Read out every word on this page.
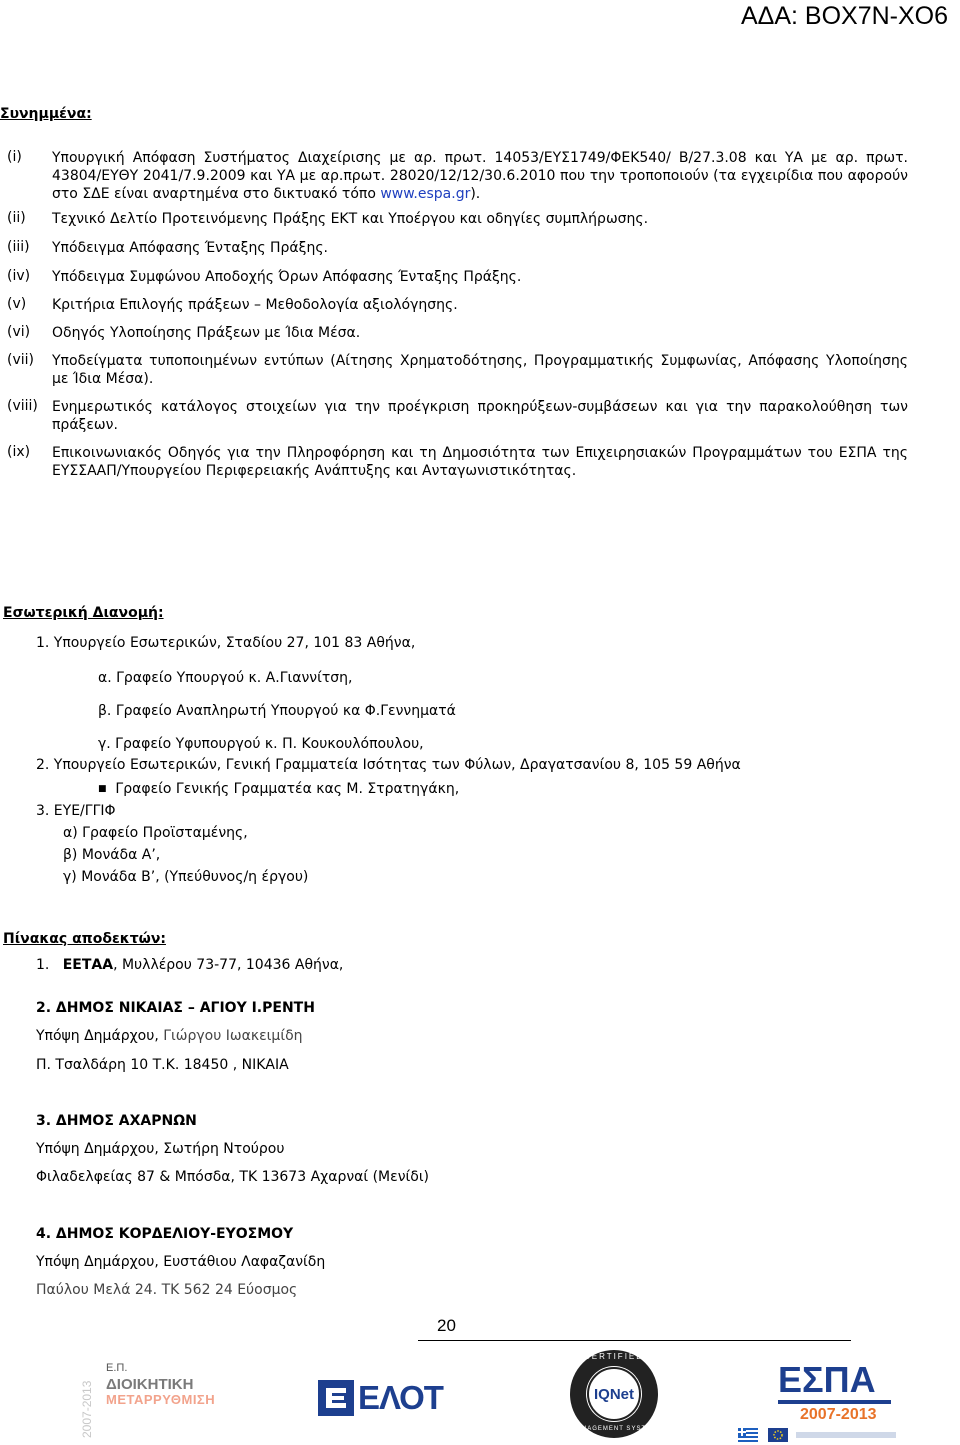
ΑΔΑ: ΒΟΧ7Ν-ΧΟ6
Συνημμένα:
(i)	Υπουργική Απόφαση Συστήματος Διαχείρισης με αρ. πρωτ. 14053/ΕΥΣ1749/ΦΕΚ540/ Β/27.3.08 και ΥΑ με αρ. πρωτ. 43804/ΕΥΘΥ 2041/7.9.2009 και ΥΑ με αρ.πρωτ. 28020/12/12/30.6.2010 που την τροποποιούν (τα εγχειρίδια που αφορούν στο ΣΔΕ είναι αναρτημένα στο δικτυακό τόπο www.espa.gr).
(ii)	Τεχνικό Δελτίο Προτεινόμενης Πράξης ΕΚΤ και Υποέργου και οδηγίες συμπλήρωσης.
(iii)	Υπόδειγμα Απόφασης Ένταξης Πράξης.
(iv)	Υπόδειγμα Συμφώνου Αποδοχής Όρων Απόφασης Ένταξης Πράξης.
(v)	Κριτήρια Επιλογής πράξεων – Μεθοδολογία αξιολόγησης.
(vi)	Οδηγός Υλοποίησης Πράξεων με Ίδια Μέσα.
(vii)	Υποδείγματα τυποποιημένων εντύπων (Αίτησης Χρηματοδότησης, Προγραμματικής Συμφωνίας, Απόφασης Υλοποίησης με Ίδια Μέσα).
(viii)	Ενημερωτικός κατάλογος στοιχείων για την προέγκριση προκηρύξεων-συμβάσεων και για την παρακολούθηση των πράξεων.
(ix)	Επικοινωνιακός Οδηγός για την Πληροφόρηση και τη Δημοσιότητα των Επιχειρησιακών Προγραμμάτων του ΕΣΠΑ της ΕΥΣΣΑΑΠ/Υπουργείου Περιφερειακής Ανάπτυξης και Ανταγωνιστικότητας.
Εσωτερική Διανομή:
1. Υπουργείο Εσωτερικών, Σταδίου 27, 101 83 Αθήνα,
α. Γραφείο Υπουργού κ. Α.Γιαννίτση,
β. Γραφείο Αναπληρωτή Υπουργού κα Φ.Γεννηματά
γ. Γραφείο Υφυπουργού κ. Π. Κουκουλόπουλου,
2. Υπουργείο Εσωτερικών, Γενική Γραμματεία Ισότητας των Φύλων, Δραγατσανίου 8, 105 59 Αθήνα
■ Γραφείο Γενικής Γραμματέα κας Μ. Στρατηγάκη,
3. ΕΥΕ/ΓΓΙΦ
α) Γραφείο Προϊσταμένης,
β) Μονάδα Α’,
γ) Μονάδα Β’, (Υπεύθυνος/η έργου)
Πίνακας αποδεκτών:
1. ΕΕΤΑΑ, Μυλλέρου 73-77, 10436 Αθήνα,
2. ΔΗΜΟΣ ΝΙΚΑΙΑΣ – ΑΓΙΟΥ Ι.ΡΕΝΤΗ
Υπόψη Δημάρχου, Γιώργου Ιωακειμίδη
Π. Τσαλδάρη 10 Τ.Κ. 18450 , ΝΙΚΑΙΑ
3. ΔΗΜΟΣ ΑΧΑΡΝΩΝ
Υπόψη Δημάρχου, Σωτήρη Ντούρου
Φιλαδελφείας 87 & Μπόσδα, ΤΚ 13673 Αχαρναί (Μενίδι)
4. ΔΗΜΟΣ ΚΟΡΔΕΛΙΟΥ-ΕΥΟΣΜΟΥ
Υπόψη Δημάρχου, Ευστάθιου Λαφαζανίδη
Παύλου Μελά 24. ΤΚ 562 24 Εύοσμος
20
2007-2013
Ε.Π.
ΔΙΟΙΚΗΤΙΚΗ
ΜΕΤΑΡΡΥΘΜΙΣΗ
	ΕΛΟΤ
CERTIFIED
IQNet
MANAGEMENT SYSTEM
ΕΣΠΑ
2007-2013
